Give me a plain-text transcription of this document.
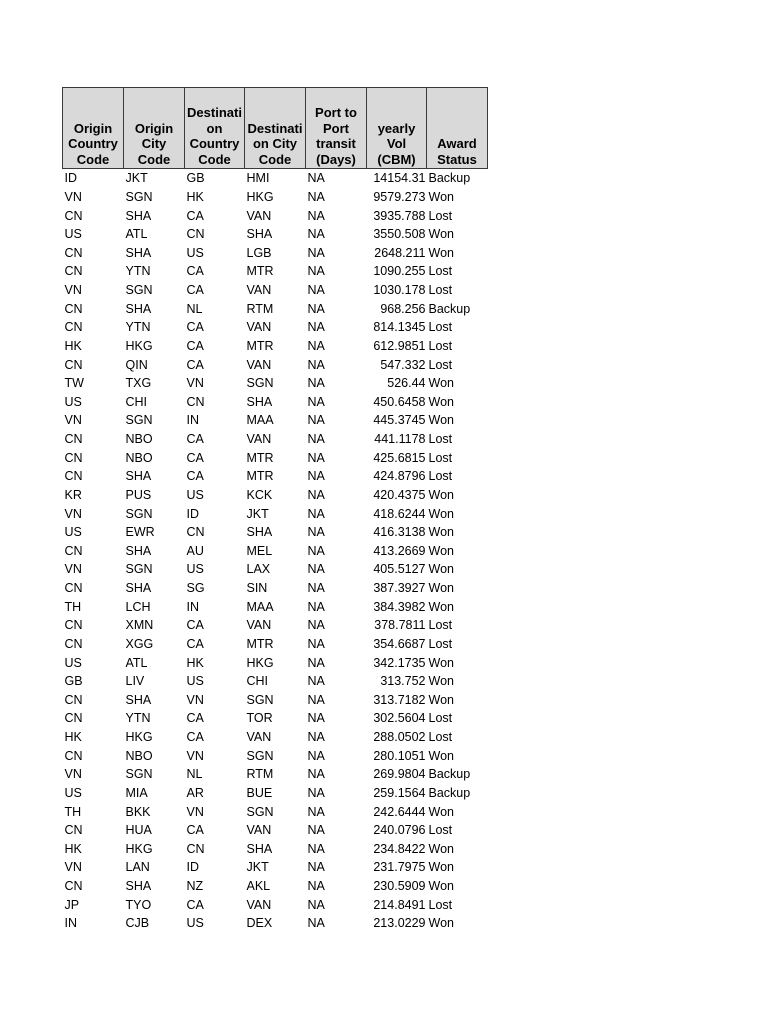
Origin
Country
Code	Origin
City
Code	Destinati
on
Country
Code	Destinati
on City
Code	Port to
Port
transit
(Days)	yearly
Vol
(CBM)	Award
Status
ID	JKT	GB	HMI	NA	14154.31	Backup
VN	SGN	HK	HKG	NA	9579.273	Won
CN	SHA	CA	VAN	NA	3935.788	Lost
US	ATL	CN	SHA	NA	3550.508	Won
CN	SHA	US	LGB	NA	2648.211	Won
CN	YTN	CA	MTR	NA	1090.255	Lost
VN	SGN	CA	VAN	NA	1030.178	Lost
CN	SHA	NL	RTM	NA	968.256	Backup
CN	YTN	CA	VAN	NA	814.1345	Lost
HK	HKG	CA	MTR	NA	612.9851	Lost
CN	QIN	CA	VAN	NA	547.332	Lost
TW	TXG	VN	SGN	NA	526.44	Won
US	CHI	CN	SHA	NA	450.6458	Won
VN	SGN	IN	MAA	NA	445.3745	Won
CN	NBO	CA	VAN	NA	441.1178	Lost
CN	NBO	CA	MTR	NA	425.6815	Lost
CN	SHA	CA	MTR	NA	424.8796	Lost
KR	PUS	US	KCK	NA	420.4375	Won
VN	SGN	ID	JKT	NA	418.6244	Won
US	EWR	CN	SHA	NA	416.3138	Won
CN	SHA	AU	MEL	NA	413.2669	Won
VN	SGN	US	LAX	NA	405.5127	Won
CN	SHA	SG	SIN	NA	387.3927	Won
TH	LCH	IN	MAA	NA	384.3982	Won
CN	XMN	CA	VAN	NA	378.7811	Lost
CN	XGG	CA	MTR	NA	354.6687	Lost
US	ATL	HK	HKG	NA	342.1735	Won
GB	LIV	US	CHI	NA	313.752	Won
CN	SHA	VN	SGN	NA	313.7182	Won
CN	YTN	CA	TOR	NA	302.5604	Lost
HK	HKG	CA	VAN	NA	288.0502	Lost
CN	NBO	VN	SGN	NA	280.1051	Won
VN	SGN	NL	RTM	NA	269.9804	Backup
US	MIA	AR	BUE	NA	259.1564	Backup
TH	BKK	VN	SGN	NA	242.6444	Won
CN	HUA	CA	VAN	NA	240.0796	Lost
HK	HKG	CN	SHA	NA	234.8422	Won
VN	LAN	ID	JKT	NA	231.7975	Won
CN	SHA	NZ	AKL	NA	230.5909	Won
JP	TYO	CA	VAN	NA	214.8491	Lost
IN	CJB	US	DEX	NA	213.0229	Won
